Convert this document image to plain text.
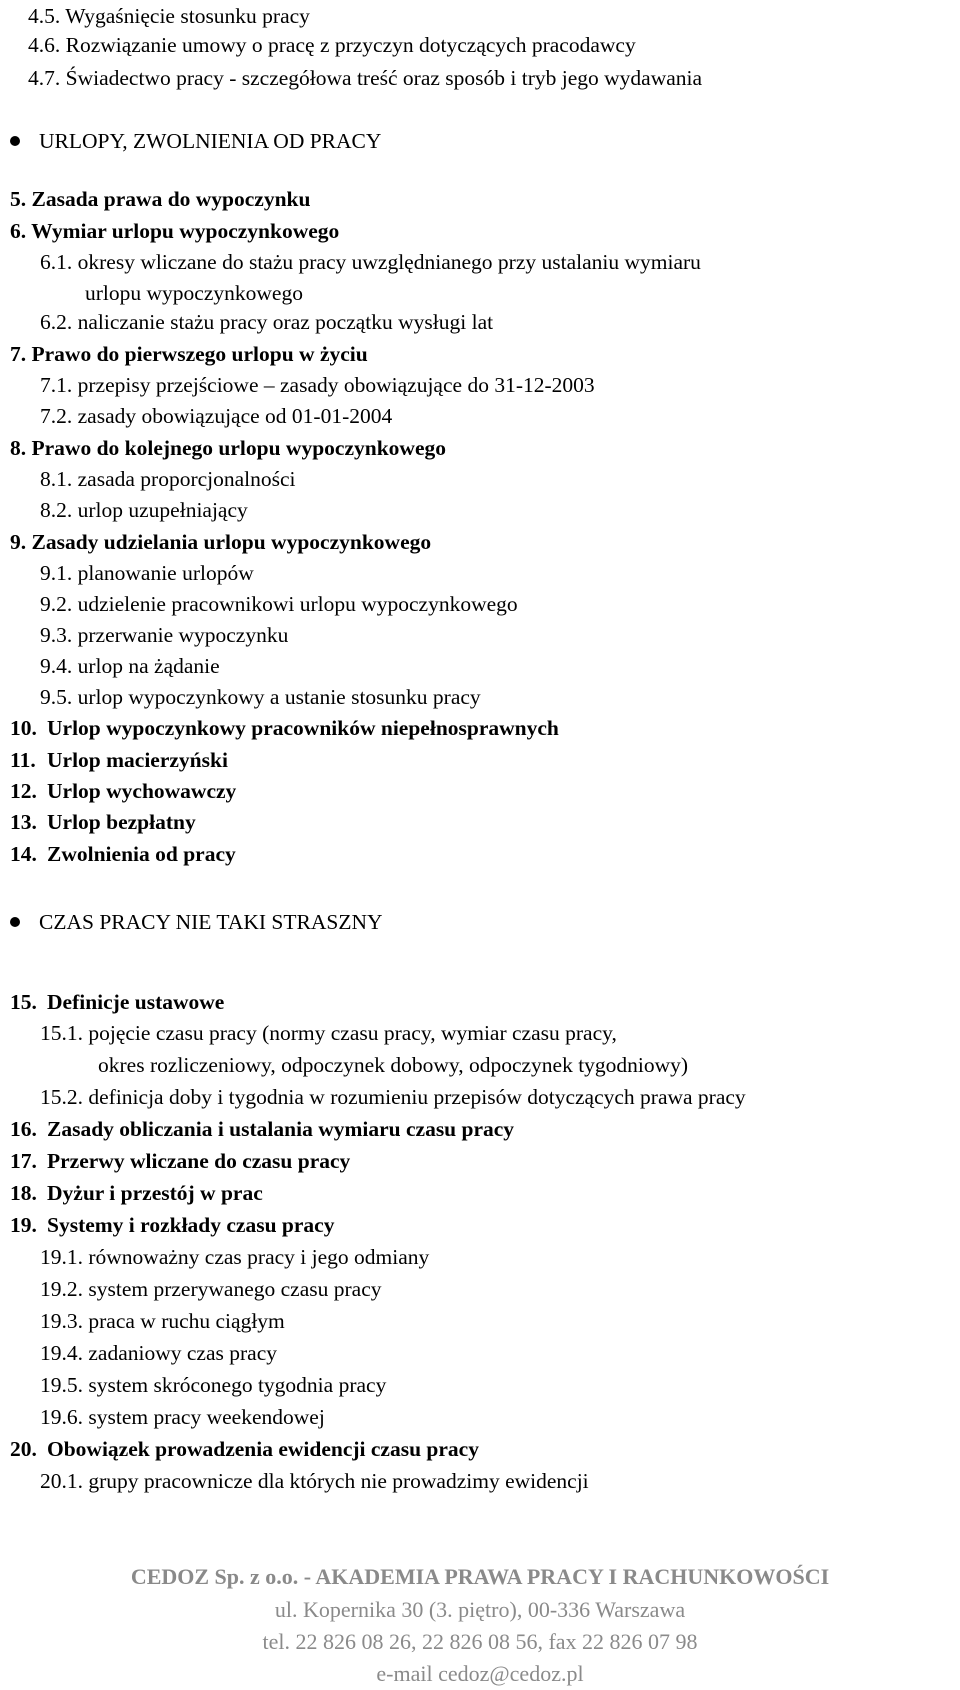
4.5. Wygaśnięcie stosunku pracy
4.6. Rozwiązanie umowy o pracę z przyczyn dotyczących pracodawcy
4.7. Świadectwo pracy - szczegółowa treść oraz sposób i tryb jego wydawania
URLOPY, ZWOLNIENIA OD PRACY
5. Zasada prawa do wypoczynku
6. Wymiar urlopu wypoczynkowego
6.1. okresy wliczane do stażu pracy uwzględnianego przy ustalaniu wymiaru
urlopu wypoczynkowego
6.2. naliczanie stażu pracy oraz początku wysługi lat
7. Prawo do pierwszego urlopu w życiu
7.1. przepisy przejściowe – zasady obowiązujące do 31-12-2003
7.2. zasady obowiązujące od 01-01-2004
8. Prawo do kolejnego urlopu wypoczynkowego
8.1. zasada proporcjonalności
8.2. urlop uzupełniający
9. Zasady udzielania urlopu wypoczynkowego
9.1. planowanie urlopów
9.2. udzielenie pracownikowi urlopu wypoczynkowego
9.3. przerwanie wypoczynku
9.4. urlop na żądanie
9.5. urlop wypoczynkowy a ustanie stosunku pracy
10. Urlop wypoczynkowy pracowników niepełnosprawnych
11. Urlop macierzyński
12. Urlop wychowawczy
13. Urlop bezpłatny
14. Zwolnienia od pracy
CZAS PRACY NIE TAKI STRASZNY
15. Definicje ustawowe
15.1. pojęcie czasu pracy (normy czasu pracy, wymiar czasu pracy,
okres rozliczeniowy, odpoczynek dobowy, odpoczynek tygodniowy)
15.2. definicja doby i tygodnia w rozumieniu przepisów dotyczących prawa pracy
16. Zasady obliczania i ustalania wymiaru czasu pracy
17. Przerwy wliczane do czasu pracy
18. Dyżur i przestój w prac
19. Systemy i rozkłady czasu pracy
19.1. równoważny czas pracy i jego odmiany
19.2. system przerywanego czasu pracy
19.3. praca w ruchu ciągłym
19.4. zadaniowy czas pracy
19.5. system skróconego tygodnia pracy
19.6. system pracy weekendowej
20. Obowiązek prowadzenia ewidencji czasu pracy
20.1. grupy pracownicze dla których nie prowadzimy ewidencji
CEDOZ Sp. z o.o. - AKADEMIA PRAWA PRACY I RACHUNKOWOŚCI
ul. Kopernika 30 (3. piętro), 00-336 Warszawa
tel. 22 826 08 26, 22 826 08 56, fax 22 826 07 98
e-mail cedoz@cedoz.pl
